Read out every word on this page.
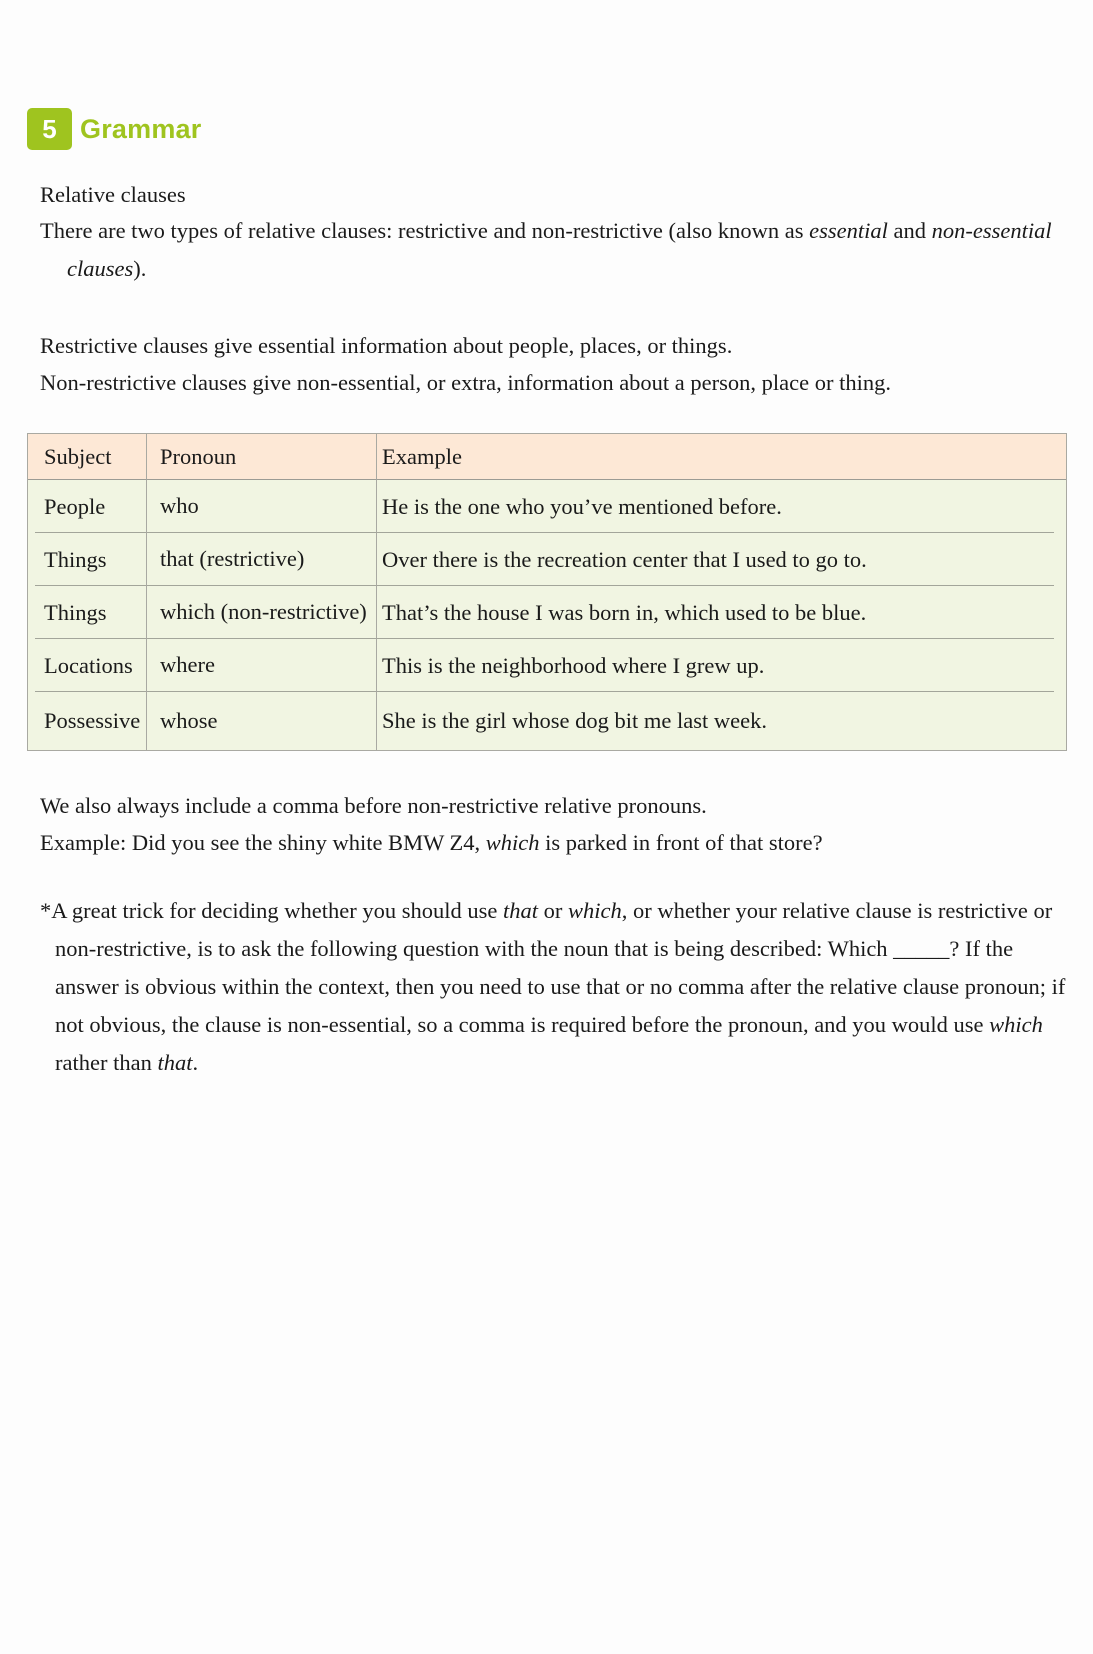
5 Grammar

Relative clauses

There are two types of relative clauses: restrictive and non-restrictive (also known as essential and non-essential clauses).

Restrictive clauses give essential information about people, places, or things.

Non-restrictive clauses give non-essential, or extra, information about a person, place or thing.

Subject	Pronoun	Example
People	who	He is the one who you’ve mentioned before.
Things	that (restrictive)	Over there is the recreation center that I used to go to.
Things	which (non-restrictive)	That’s the house I was born in, which used to be blue.
Locations	where	This is the neighborhood where I grew up.
Possessive	whose	She is the girl whose dog bit me last week.

We also always include a comma before non-restrictive relative pronouns.

Example: Did you see the shiny white BMW Z4, which is parked in front of that store?

*A great trick for deciding whether you should use that or which, or whether your relative clause is restrictive or non-restrictive, is to ask the following question with the noun that is being described: Which _____? If the answer is obvious within the context, then you need to use that or no comma after the relative clause pronoun; if not obvious, the clause is non-essential, so a comma is required before the pronoun, and you would use which rather than that.
